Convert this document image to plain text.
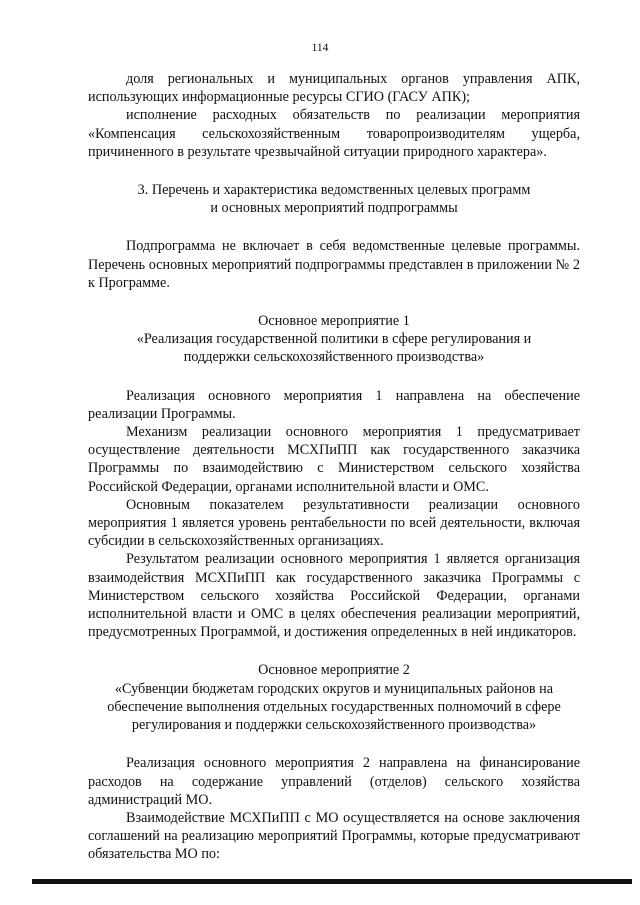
114

доля региональных и муниципальных органов управления АПК, использующих информационные ресурсы СГИО (ГАСУ АПК);

исполнение расходных обязательств по реализации мероприятия «Компенсация сельскохозяйственным товаропроизводителям ущерба, причиненного в результате чрезвычайной ситуации природного характера».

3. Перечень и характеристика ведомственных целевых программ

и основных мероприятий подпрограммы

Подпрограмма не включает в себя ведомственные целевые программы. Перечень основных мероприятий подпрограммы представлен в приложении № 2 к Программе.

Основное мероприятие 1

«Реализация государственной политики в сфере регулирования и

поддержки сельскохозяйственного производства»

Реализация основного мероприятия 1 направлена на обеспечение реализации Программы.

Механизм реализации основного мероприятия 1 предусматривает осуществление деятельности МСХПиПП как государственного заказчика Программы по взаимодействию с Министерством сельского хозяйства Российской Федерации, органами исполнительной власти и ОМС.

Основным показателем результативности реализации основного мероприятия 1 является уровень рентабельности по всей деятельности, включая субсидии в сельскохозяйственных организациях.

Результатом реализации основного мероприятия 1 является организация взаимодействия МСХПиПП как государственного заказчика Программы с Министерством сельского хозяйства Российской Федерации, органами исполнительной власти и ОМС в целях обеспечения реализации мероприятий, предусмотренных Программой, и достижения определенных в ней индикаторов.

Основное мероприятие 2

«Субвенции бюджетам городских округов и муниципальных районов на

обеспечение выполнения отдельных государственных полномочий в сфере

регулирования и поддержки сельскохозяйственного производства»

Реализация основного мероприятия 2 направлена на финансирование расходов на содержание управлений (отделов) сельского хозяйства администраций МО.

Взаимодействие МСХПиПП с МО осуществляется на основе заключения соглашений на реализацию мероприятий Программы, которые предусматривают обязательства МО по:
